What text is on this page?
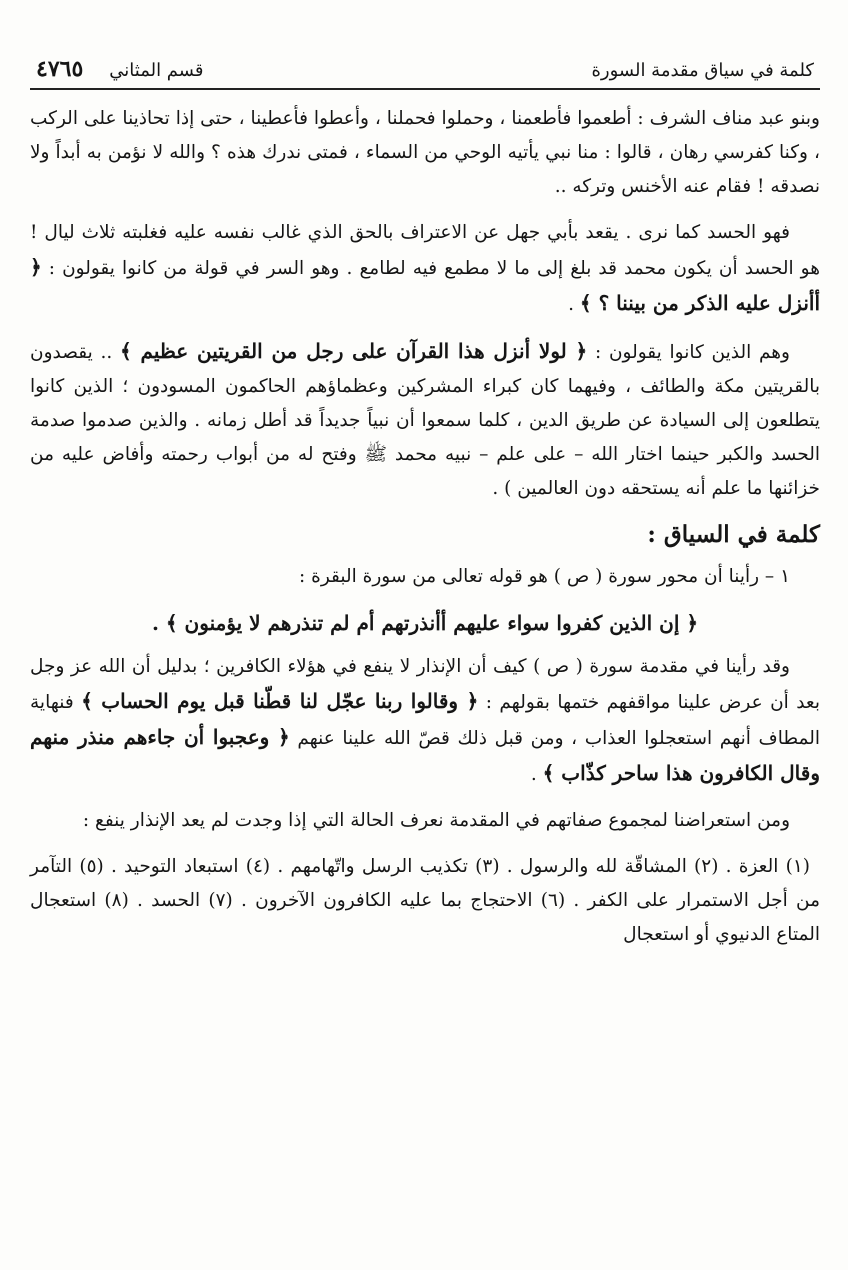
كلمة في سياق مقدمة السورة
قسم المثاني
٤٧٦٥

وبنو عبد مناف الشرف : أطعموا فأطعمنا ، وحملوا فحملنا ، وأعطوا فأعطينا ، حتى إذا تحاذينا على الركب ، وكنا كفرسي رهان ، قالوا : منا نبي يأتيه الوحي من السماء ، فمتى ندرك هذه ؟ والله لا نؤمن به أبداً ولا نصدقه ! فقام عنه الأخنس وتركه ..

فهو الحسد كما نرى . يقعد بأبي جهل عن الاعتراف بالحق الذي غالب نفسه عليه فغلبته ثلاث ليال ! هو الحسد أن يكون محمد قد بلغ إلى ما لا مطمع فيه لطامع . وهو السر في قولة من كانوا يقولون : ﴿ أأنزل عليه الذكر من بيننا ؟ ﴾ .

وهم الذين كانوا يقولون : ﴿ لولا أنزل هذا القرآن على رجل من القريتين عظيم ﴾ .. يقصدون بالقريتين مكة والطائف ، وفيهما كان كبراء المشركين وعظماؤهم الحاكمون المسودون ؛ الذين كانوا يتطلعون إلى السيادة عن طريق الدين ، كلما سمعوا أن نبياً جديداً قد أطل زمانه . والذين صدموا صدمة الحسد والكبر حينما اختار الله – على علم – نبيه محمد ﷺ وفتح له من أبواب رحمته وأفاض عليه من خزائنها ما علم أنه يستحقه دون العالمين ) .

كلمة في السياق :

١ – رأينا أن محور سورة ( ص ) هو قوله تعالى من سورة البقرة :

﴿ إن الذين كفروا سواء عليهم أأنذرتهم أم لم تنذرهم لا يؤمنون ﴾ .

وقد رأينا في مقدمة سورة ( ص ) كيف أن الإنذار لا ينفع في هؤلاء الكافرين ؛ بدليل أن الله عز وجل بعد أن عرض علينا مواقفهم ختمها بقولهم : ﴿ وقالوا ربنا عجّل لنا قطّنا قبل يوم الحساب ﴾ فنهاية المطاف أنهم استعجلوا العذاب ، ومن قبل ذلك قصّ الله علينا عنهم ﴿ وعجبوا أن جاءهم منذر منهم وقال الكافرون هذا ساحر كذّاب ﴾ .

ومن استعراضنا لمجموع صفاتهم في المقدمة نعرف الحالة التي إذا وجدت لم يعد الإنذار ينفع :

(١) العزة . (٢) المشاقّة لله والرسول . (٣) تكذيب الرسل واتّهامهم . (٤) استبعاد التوحيد . (٥) التآمر من أجل الاستمرار على الكفر . (٦) الاحتجاج بما عليه الكافرون الآخرون . (٧) الحسد . (٨) استعجال المتاع الدنيوي أو استعجال
